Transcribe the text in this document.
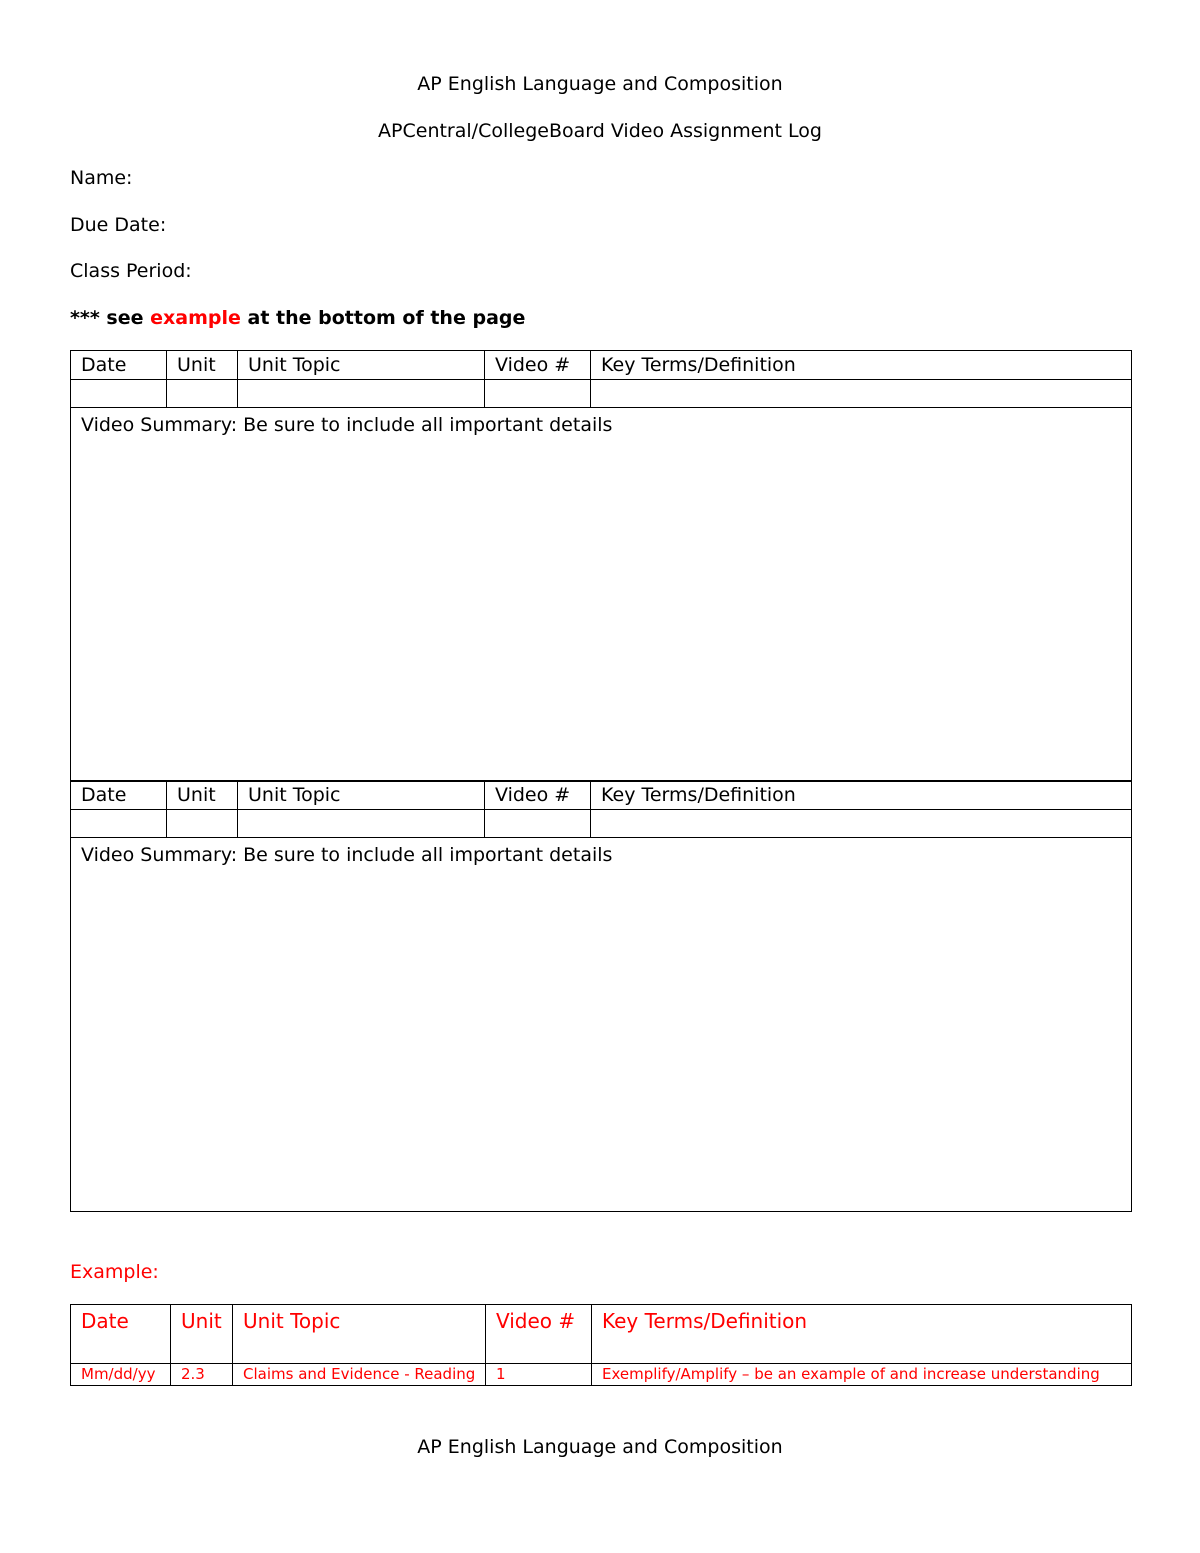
AP English Language and Composition
APCentral/CollegeBoard Video Assignment Log
Name:
Due Date:
Class Period:
*** see example at the bottom of the page
Date	Unit	Unit Topic	Video #	Key Terms/Definition

Video Summary: Be sure to include all important details				
Date	Unit	Unit Topic	Video #	Key Terms/Definition

Video Summary: Be sure to include all important details				
Example:
Date	Unit	Unit Topic	Video #	Key Terms/Definition
Mm/dd/yy	2.3	Claims and Evidence - Reading	1	Exemplify/Amplify – be an example of and increase understanding
AP English Language and Composition
